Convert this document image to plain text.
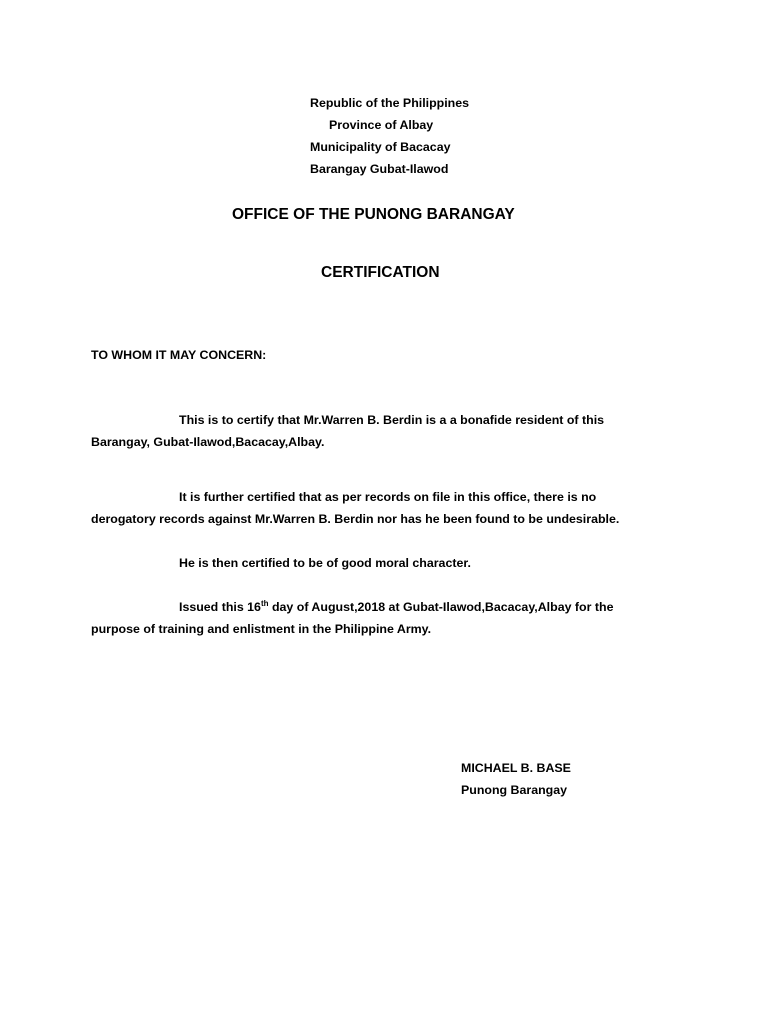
Republic of the Philippines
Province of Albay
Municipality of Bacacay
Barangay Gubat-Ilawod
OFFICE OF THE PUNONG BARANGAY
CERTIFICATION
TO WHOM IT MAY CONCERN:
This is to certify that Mr.Warren B. Berdin is a a bonafide resident of this
Barangay, Gubat-Ilawod,Bacacay,Albay.
It is further certified that as per records on file in this office, there is no
derogatory records against Mr.Warren B. Berdin nor has he been found to be undesirable.
He is then certified to be of good moral character.
Issued this 16th day of August,2018 at Gubat-Ilawod,Bacacay,Albay for the
purpose of training and enlistment in the Philippine Army.
MICHAEL B. BASE
Punong Barangay
